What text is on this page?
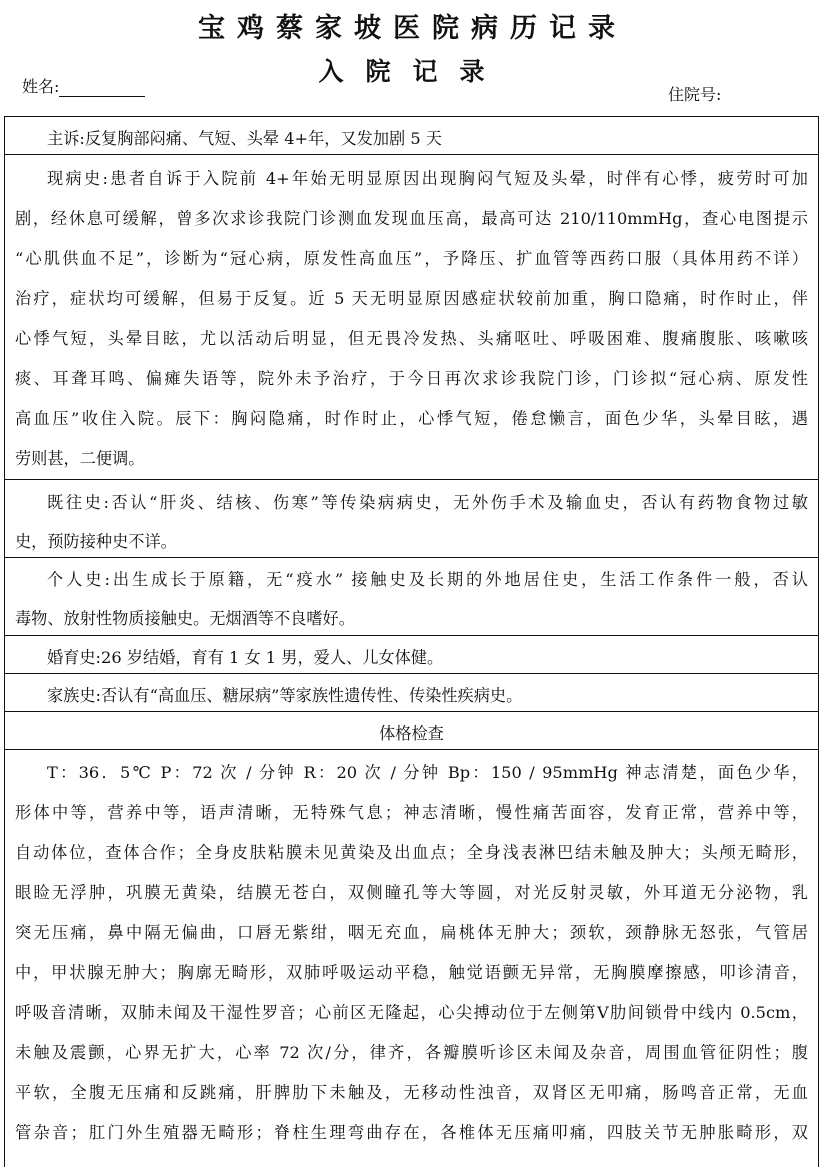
宝鸡蔡家坡医院病历记录
入院记录
姓名:	住院号:
主诉:反复胸部闷痛、气短、头晕 4+年，又发加剧 5 天
现病史:患者自诉于入院前 4+年始无明显原因出现胸闷气短及头晕，时伴有心悸，疲劳时可加
剧，经休息可缓解，曾多次求诊我院门诊测血发现血压高，最高可达 210/110mmHg，查心电图提示
“心肌供血不足”，诊断为“冠心病，原发性高血压”，予降压、扩血管等西药口服（具体用药不详）
治疗，症状均可缓解，但易于反复。近 5 天无明显原因感症状较前加重，胸口隐痛，时作时止，伴
心悸气短，头晕目眩，尤以活动后明显，但无畏冷发热、头痛呕吐、呼吸困难、腹痛腹胀、咳嗽咳
痰、耳聋耳鸣、偏瘫失语等，院外未予治疗，于今日再次求诊我院门诊，门诊拟“冠心病、原发性
高血压”收住入院。辰下：胸闷隐痛，时作时止，心悸气短，倦怠懒言，面色少华，头晕目眩，遇
劳则甚，二便调。
既往史:否认“肝炎、结核、伤寒”等传染病病史，无外伤手术及输血史，否认有药物食物过敏
史，预防接种史不详。
个人史:出生成长于原籍，无“疫水” 接触史及长期的外地居住史，生活工作条件一般，否认
毒物、放射性物质接触史。无烟酒等不良嗜好。
婚育史:26 岁结婚，育有 1 女 1 男，爱人、儿女体健。
家族史:否认有“高血压、糖尿病”等家族性遗传性、传染性疾病史。
体格检查
T：36．5℃ P：72 次 / 分钟 R：20 次 / 分钟 Bp：150 / 95mmHg 神志清楚，面色少华，
形体中等，营养中等，语声清晰，无特殊气息；神志清晰，慢性痛苦面容，发育正常，营养中等，
自动体位，查体合作；全身皮肤粘膜未见黄染及出血点；全身浅表淋巴结未触及肿大；头颅无畸形，
眼睑无浮肿，巩膜无黄染，结膜无苍白，双侧瞳孔等大等圆，对光反射灵敏，外耳道无分泌物，乳
突无压痛，鼻中隔无偏曲，口唇无紫绀，咽无充血，扁桃体无肿大；颈软，颈静脉无怒张，气管居
中，甲状腺无肿大；胸廓无畸形，双肺呼吸运动平稳，触觉语颤无异常，无胸膜摩擦感，叩诊清音，
呼吸音清晰，双肺未闻及干湿性罗音；心前区无隆起，心尖搏动位于左侧第Ⅴ肋间锁骨中线内 0.5cm，
未触及震颤，心界无扩大，心率 72 次/分，律齐，各瓣膜听诊区未闻及杂音，周围血管征阴性；腹
平软，全腹无压痛和反跳痛，肝脾肋下未触及，无移动性浊音，双肾区无叩痛，肠鸣音正常，无血
管杂音；肛门外生殖器无畸形；脊柱生理弯曲存在，各椎体无压痛叩痛，四肢关节无肿胀畸形，双
